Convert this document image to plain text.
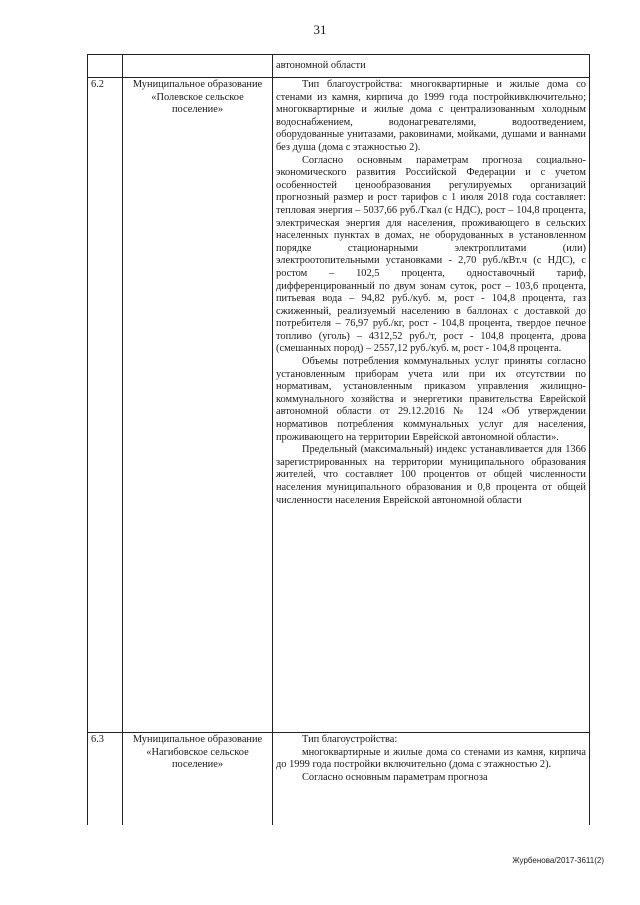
31

		автономной области

6.2	Муниципальное образование «Полевское сельское поселение»	Тип благоустройства: многоквартирные и жилые дома со стенами из камня, кирпича до 1999 года постройкивключительно; многоквартирные и жилые дома с централизованным холодным водоснабжением, водонагревателями, водоотведением, оборудованные унитазами, раковинами, мойками, душами и ваннами без душа (дома с этажностью 2).

Согласно основным параметрам прогноза социально-экономического развития Российской Федерации и с учетом особенностей ценообразования регулируемых организаций прогнозный размер и рост тарифов с 1 июля 2018 года составляет: тепловая энергия – 5037,66 руб./Гкал (с НДС), рост – 104,8 процента, электрическая энергия для населения, проживающего в сельских населенных пунктах в домах, не оборудованных в установленном порядке стационарными электроплитами (или) электроотопительными установками - 2,70 руб./кВт.ч (с НДС), с ростом – 102,5 процента, одноставочный тариф, дифференцированный по двум зонам суток, рост – 103,6 процента, питьевая вода – 94,82 руб./куб. м, рост - 104,8 процента, газ сжиженный, реализуемый населению в баллонах с доставкой до потребителя – 76,97 руб./кг, рост - 104,8 процента, твердое печное топливо (уголь) – 4312,52 руб./т, рост - 104,8 процента, дрова (смешанных пород) – 2557,12 руб./куб. м, рост - 104,8 процента.

Объемы потребления коммунальных услуг приняты согласно установленным приборам учета или при их отсутствии по нормативам, установленным приказом управления жилищно-коммунального хозяйства и энергетики правительства Еврейской автономной области от 29.12.2016 № 124 «Об утверждении нормативов потребления коммунальных услуг для населения, проживающего на территории Еврейской автономной области».

Предельный (максимальный) индекс устанавливается для 1366 зарегистрированных на территории муниципального образования жителей, что составляет 100 процентов от общей численности населения муниципального образования и 0,8 процента от общей численности населения Еврейской автономной области

6.3	Муниципальное образование «Нагибовское сельское поселение»	Тип благоустройства:

многоквартирные и жилые дома со стенами из камня, кирпича до 1999 года постройки включительно (дома с этажностью 2).

Согласно основным параметрам прогноза

Журбенова/2017-3611(2)
